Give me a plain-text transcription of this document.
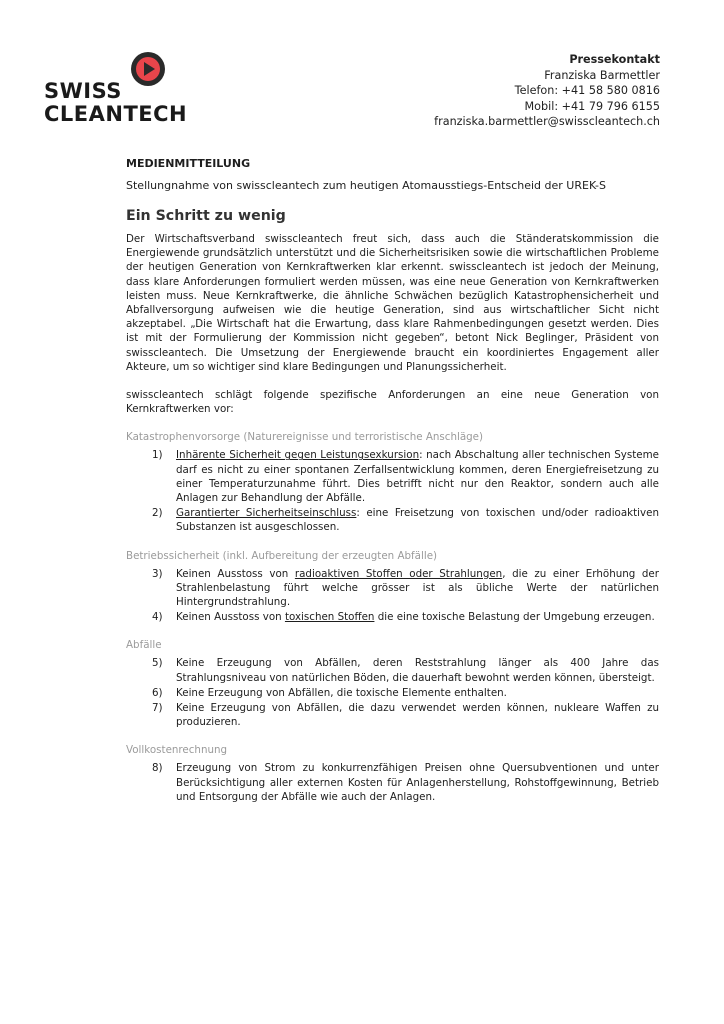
SWISS
CLEANTECH
Pressekontakt
Franziska Barmettler
Telefon: +41 58 580 0816
Mobil: +41 79 796 6155
franziska.barmettler@swisscleantech.ch

MEDIENMITTEILUNG

Stellungnahme von swisscleantech zum heutigen Atomausstiegs-Entscheid der UREK-S

Ein Schritt zu wenig

Der Wirtschaftsverband swisscleantech freut sich, dass auch die Ständeratskommission die Energiewende grundsätzlich unterstützt und die Sicherheitsrisiken sowie die wirtschaftlichen Probleme der heutigen Generation von Kernkraftwerken klar erkennt. swisscleantech ist jedoch der Meinung, dass klare Anforderungen formuliert werden müssen, was eine neue Generation von Kernkraftwerken leisten muss. Neue Kernkraftwerke, die ähnliche Schwächen bezüglich Katastrophensicherheit und Abfallversorgung aufweisen wie die heutige Generation, sind aus wirtschaftlicher Sicht nicht akzeptabel. „Die Wirtschaft hat die Erwartung, dass klare Rahmenbedingungen gesetzt werden. Dies ist mit der Formulierung der Kommission nicht gegeben“, betont Nick Beglinger, Präsident von swisscleantech. Die Umsetzung der Energiewende braucht ein koordiniertes Engagement aller Akteure, um so wichtiger sind klare Bedingungen und Planungssicherheit.

swisscleantech schlägt folgende spezifische Anforderungen an eine neue Generation von Kernkraftwerken vor:

Katastrophenvorsorge (Naturereignisse und terroristische Anschläge)

1) Inhärente Sicherheit gegen Leistungsexkursion: nach Abschaltung aller technischen Systeme darf es nicht zu einer spontanen Zerfallsentwicklung kommen, deren Energiefreisetzung zu einer Temperaturzunahme führt. Dies betrifft nicht nur den Reaktor, sondern auch alle Anlagen zur Behandlung der Abfälle.
2) Garantierter Sicherheitseinschluss: eine Freisetzung von toxischen und/oder radioaktiven Substanzen ist ausgeschlossen.

Betriebssicherheit (inkl. Aufbereitung der erzeugten Abfälle)

3) Keinen Ausstoss von radioaktiven Stoffen oder Strahlungen, die zu einer Erhöhung der Strahlenbelastung führt welche grösser ist als übliche Werte der natürlichen Hintergrundstrahlung.
4) Keinen Ausstoss von toxischen Stoffen die eine toxische Belastung der Umgebung erzeugen.

Abfälle

5) Keine Erzeugung von Abfällen, deren Reststrahlung länger als 400 Jahre das Strahlungsniveau von natürlichen Böden, die dauerhaft bewohnt werden können, übersteigt.
6) Keine Erzeugung von Abfällen, die toxische Elemente enthalten.
7) Keine Erzeugung von Abfällen, die dazu verwendet werden können, nukleare Waffen zu produzieren.

Vollkostenrechnung

8) Erzeugung von Strom zu konkurrenzfähigen Preisen ohne Quersubventionen und unter Berücksichtigung aller externen Kosten für Anlagenherstellung, Rohstoffgewinnung, Betrieb und Entsorgung der Abfälle wie auch der Anlagen.
